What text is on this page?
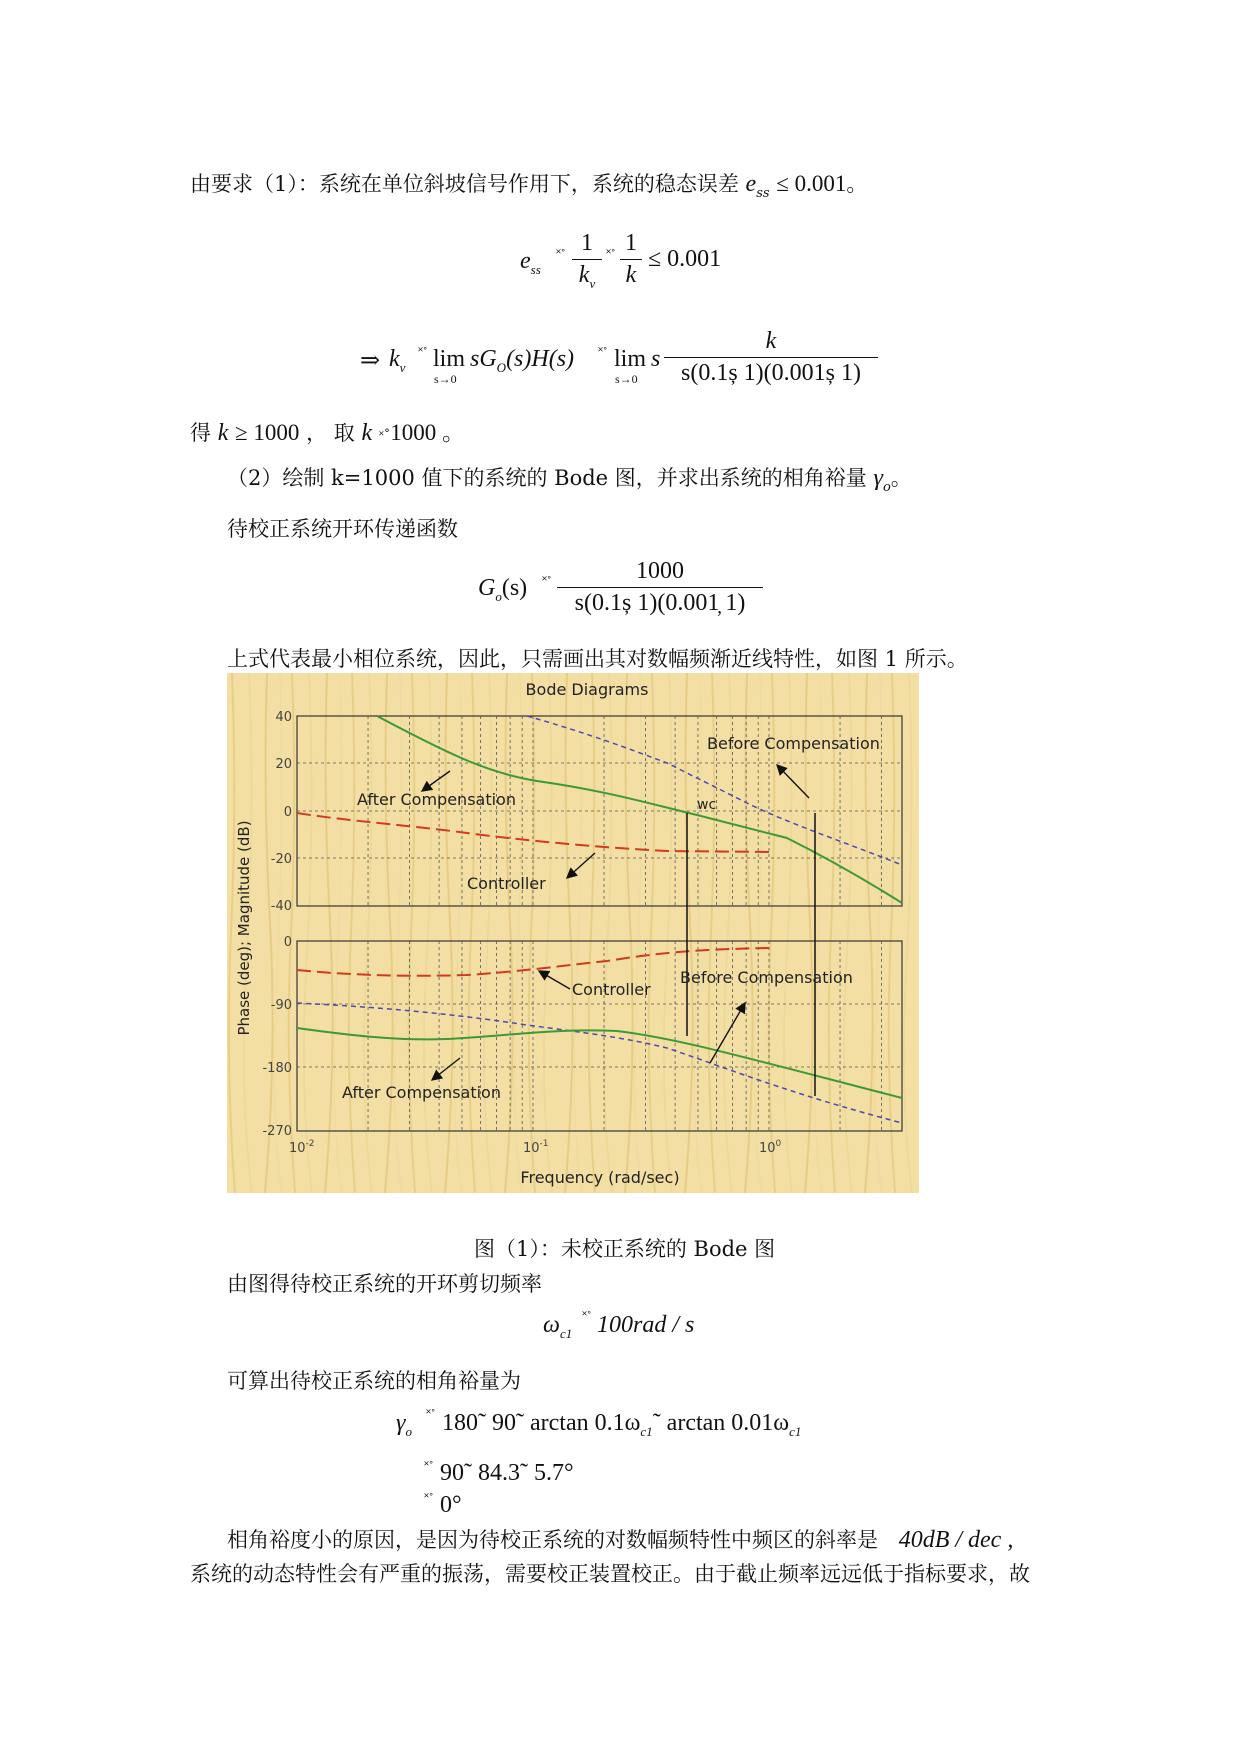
由要求（1）：系统在单位斜坡信号作用下，系统的稳态误差 $e_{ss} \le 0.001$。
$e_{ss}$
˟˚ 1
$k_v$
˟˚ 1
k
≤ 0.001
⇒ $k_v$
˟˚ lim
s→0
$sG_O(s)H(s)$ ˟˚ lim
s→0
s
k
s(0.1ș 1)(0.001ș 1)
得 k ≥ 1000 ， 取 k ˟˚1000 。
（2）绘制 k=1000 值下的系统的 Bode 图，并求出系统的相角裕量 $\gamma_o$。
待校正系统开环传递函数
$G_o(s)$ ˟˚	1000
s(0.1ș 1)(0.001̦ 1)
上式代表最小相位系统，因此，只需画出其对数幅频渐近线特性，如图 1 所示。
Bode Diagrams
Phase (deg); Magnitude (dB)
Frequency (rad/sec)
40
20
0
-20
-40
0
-90
-180
-270
$10^{-2}$	$10^{-1}$	$10^0$
Before Compensation
After Compensation
Controller
wc
Controller
Before Compensation
After Compensation
图（1）：未校正系统的 Bode 图
由图得待校正系统的开环剪切频率
$\omega_{c1}$
˟˚ 100rad / s
可算出待校正系统的相角裕量为
$\gamma_o$
˟˚ 180˜ 90˜ $\arctan 0.1\omega_{c1}˜$ $\arctan 0.01\omega_{c1}$
˟˚ 90˜ 84.3˜ 5.7°
˟˚ 0°
相角裕度小的原因，是因为待校正系统的对数幅频特性中频区的斜率是 40dB / dec ,
系统的动态特性会有严重的振荡，需要校正装置校正。由于截止频率远远低于指标要求，故
